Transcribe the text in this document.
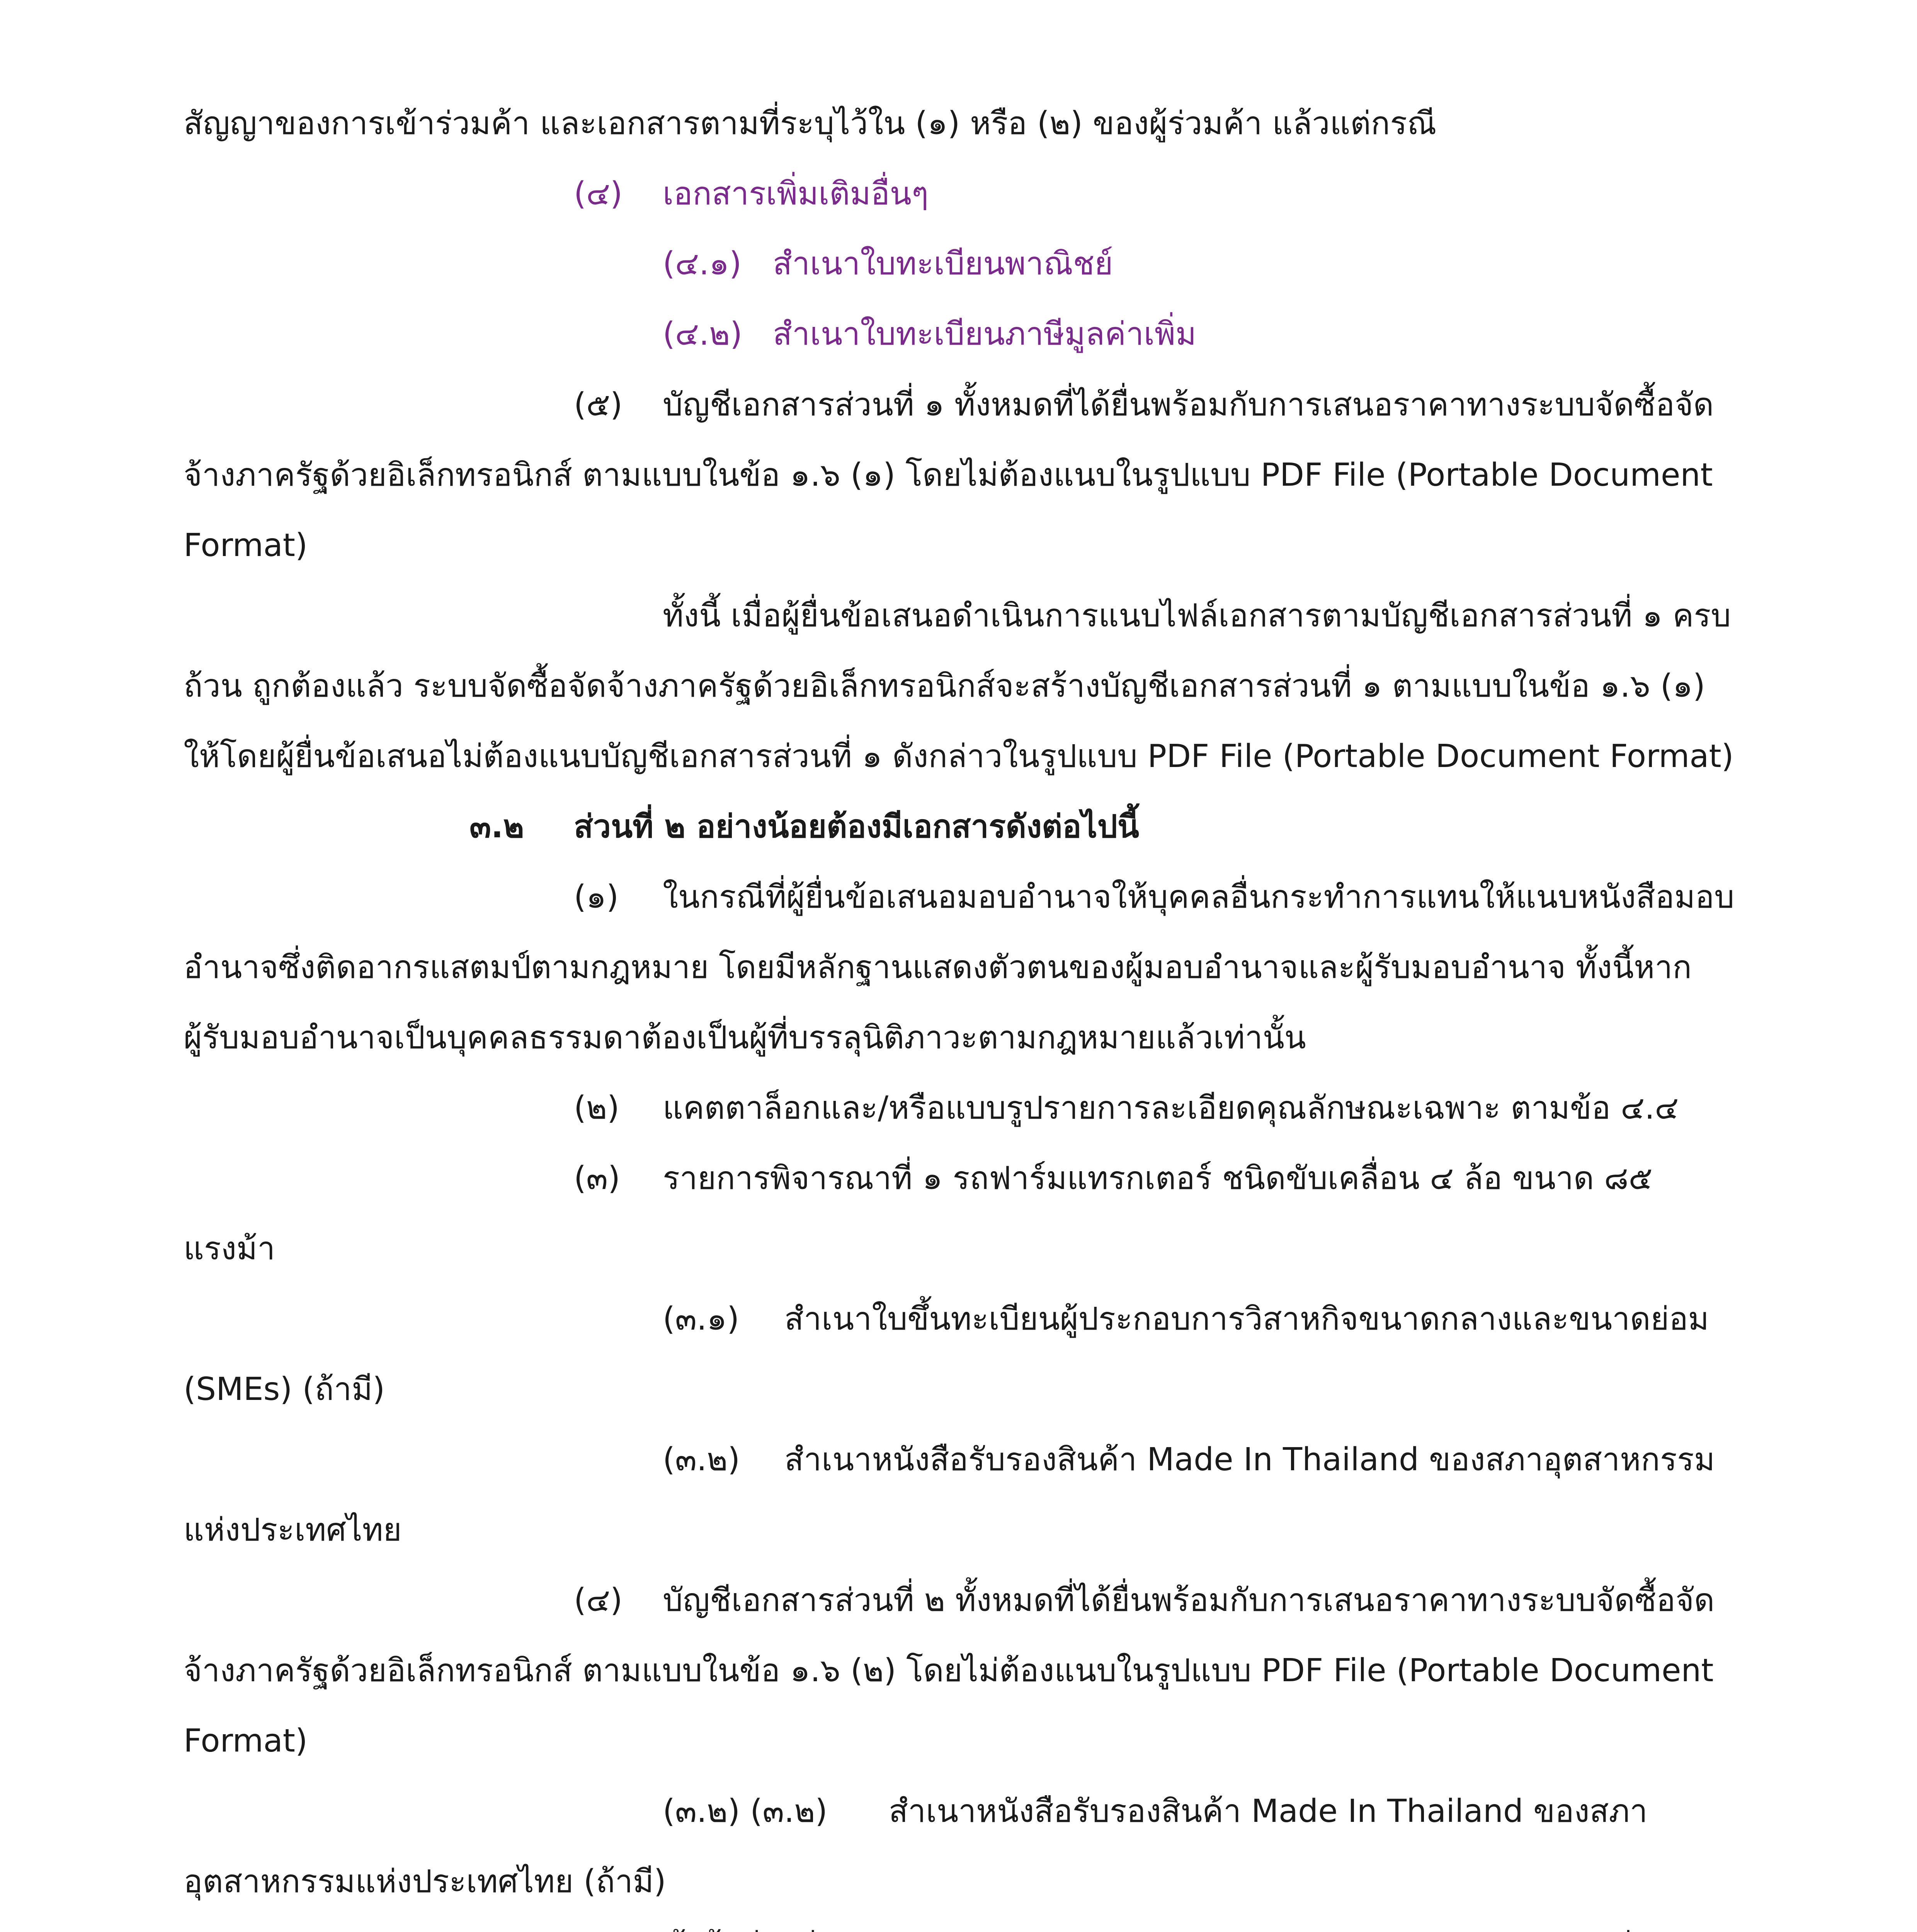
สัญญาของการเข้าร่วมค้า และเอกสารตามที่ระบุไว้ใน (๑) หรือ (๒) ของผู้ร่วมค้า แล้วแต่กรณี
(๔) เอกสารเพิ่มเติมอื่นๆ
(๔.๑) สำเนาใบทะเบียนพาณิชย์
(๔.๒) สำเนาใบทะเบียนภาษีมูลค่าเพิ่ม
(๕) บัญชีเอกสารส่วนที่ ๑ ทั้งหมดที่ได้ยื่นพร้อมกับการเสนอราคาทางระบบจัดซื้อจัด
จ้างภาครัฐด้วยอิเล็กทรอนิกส์ ตามแบบในข้อ ๑.๖ (๑) โดยไม่ต้องแนบในรูปแบบ PDF File (Portable Document
Format)
ทั้งนี้ เมื่อผู้ยื่นข้อเสนอดำเนินการแนบไฟล์เอกสารตามบัญชีเอกสารส่วนที่ ๑ ครบ
ถ้วน ถูกต้องแล้ว ระบบจัดซื้อจัดจ้างภาครัฐด้วยอิเล็กทรอนิกส์จะสร้างบัญชีเอกสารส่วนที่ ๑ ตามแบบในข้อ ๑.๖ (๑)
ให้โดยผู้ยื่นข้อเสนอไม่ต้องแนบบัญชีเอกสารส่วนที่ ๑ ดังกล่าวในรูปแบบ PDF File (Portable Document Format)
๓.๒ ส่วนที่ ๒ อย่างน้อยต้องมีเอกสารดังต่อไปนี้
(๑) ในกรณีที่ผู้ยื่นข้อเสนอมอบอำนาจให้บุคคลอื่นกระทำการแทนให้แนบหนังสือมอบ
อำนาจซึ่งติดอากรแสตมป์ตามกฎหมาย โดยมีหลักฐานแสดงตัวตนของผู้มอบอำนาจและผู้รับมอบอำนาจ ทั้งนี้หาก
ผู้รับมอบอำนาจเป็นบุคคลธรรมดาต้องเป็นผู้ที่บรรลุนิติภาวะตามกฎหมายแล้วเท่านั้น
(๒) แคตตาล็อกและ/หรือแบบรูปรายการละเอียดคุณลักษณะเฉพาะ ตามข้อ ๔.๔
(๓) รายการพิจารณาที่ ๑ รถฟาร์มแทรกเตอร์ ชนิดขับเคลื่อน ๔ ล้อ ขนาด ๘๕
แรงม้า
(๓.๑) สำเนาใบขึ้นทะเบียนผู้ประกอบการวิสาหกิจขนาดกลางและขนาดย่อม
(SMEs) (ถ้ามี)
(๓.๒) สำเนาหนังสือรับรองสินค้า Made In Thailand ของสภาอุตสาหกรรม
แห่งประเทศไทย
(๔) บัญชีเอกสารส่วนที่ ๒ ทั้งหมดที่ได้ยื่นพร้อมกับการเสนอราคาทางระบบจัดซื้อจัด
จ้างภาครัฐด้วยอิเล็กทรอนิกส์ ตามแบบในข้อ ๑.๖ (๒) โดยไม่ต้องแนบในรูปแบบ PDF File (Portable Document
Format)
(๓.๒) (๓.๒) สำเนาหนังสือรับรองสินค้า Made In Thailand ของสภา
อุตสาหกรรมแห่งประเทศไทย (ถ้ามี)
